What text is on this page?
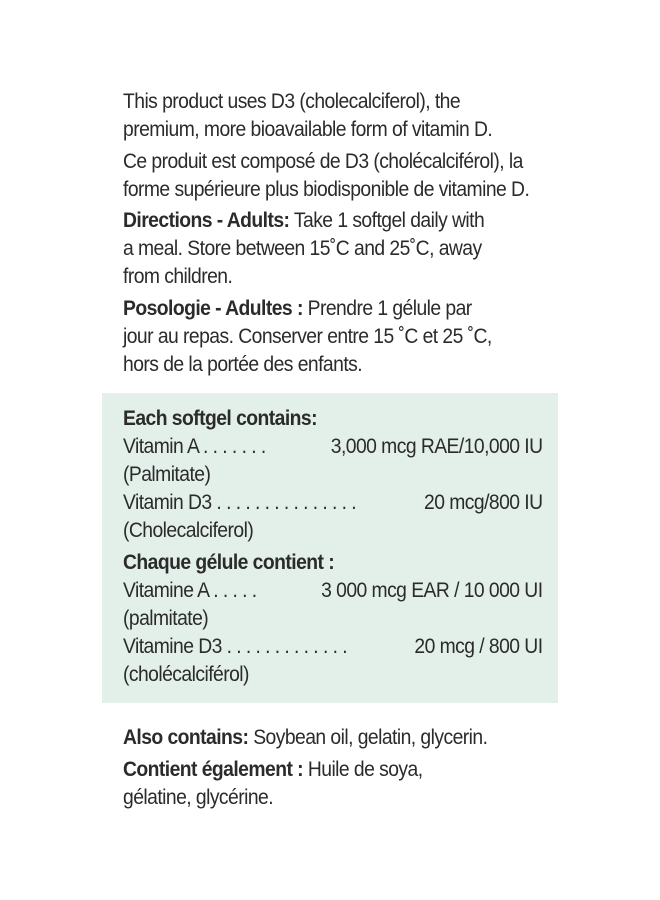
This product uses D3 (cholecalciferol), the

premium, more bioavailable form of vitamin D.

Ce produit est composé de D3 (cholécalciférol), la

forme supérieure plus biodisponible de vitamine D.

Directions - Adults: Take 1 softgel daily with

a meal. Store between 15˚C and 25˚C, away

from children.

Posologie - Adultes : Prendre 1 gélule par

jour au repas. Conserver entre 15 ˚C et 25 ˚C,

hors de la portée des enfants.

Each softgel contains:

Vitamin A . . . . . . .	3,000 mcg RAE/10,000 IU

(Palmitate)

Vitamin D3 . . . . . . . . . . . . . . .	20 mcg/800 IU

(Cholecalciferol)

Chaque gélule contient :

Vitamine A . . . . .	3 000 mcg EAR / 10 000 UI

(palmitate)

Vitamine D3 . . . . . . . . . . . . .	20 mcg / 800 UI

(cholécalciférol)

Also contains: Soybean oil, gelatin, glycerin.

Contient également : Huile de soya,

gélatine, glycérine.
